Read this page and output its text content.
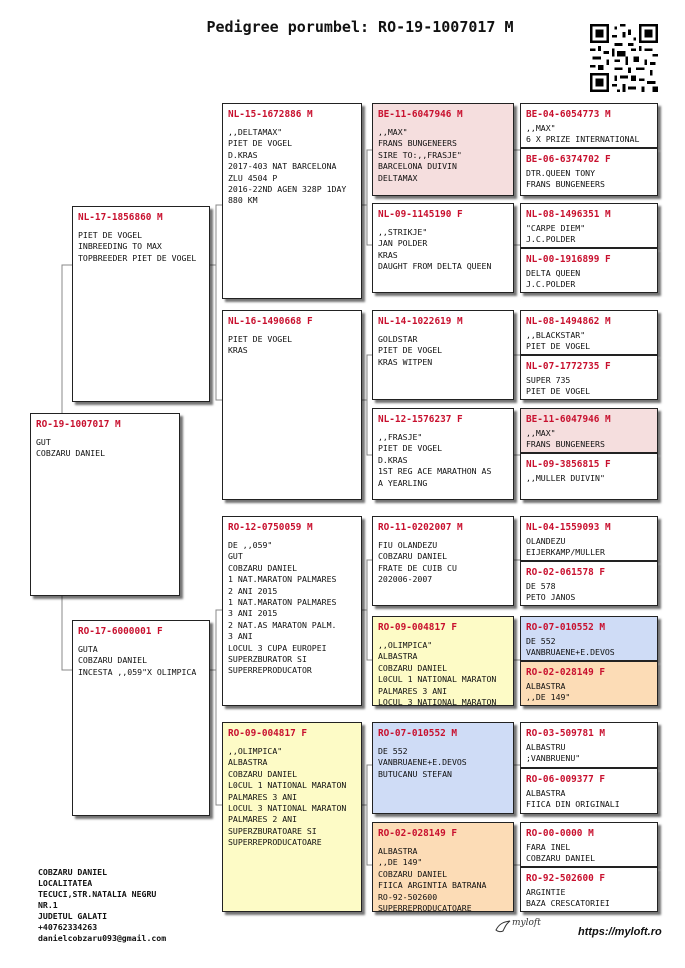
Pedigree porumbel: RO-19-1007017 M
RO-19-1007017 M
GUT
COBZARU DANIEL
NL-17-1856860 M
PIET DE VOGEL
INBREEDING TO MAX
TOPBREEDER PIET DE VOGEL
RO-17-6000001 F
GUTA
COBZARU DANIEL
INCESTA ,,059"X OLIMPICA
NL-15-1672886 M
,,DELTAMAX"
PIET DE VOGEL
D.KRAS
2017-403 NAT BARCELONA
ZLU 4504 P
2016-22ND AGEN 328P 1DAY
880 KM
NL-16-1490668 F
PIET DE VOGEL
KRAS
RO-12-0750059 M
DE ,,059"
GUT
COBZARU DANIEL
1 NAT.MARATON PALMARES
2 ANI 2015
1 NAT.MARATON PALMARES
3 ANI 2015
2 NAT.AS MARATON PALM.
3 ANI
LOCUL 3 CUPA EUROPEI
SUPERZBURATOR SI
SUPERREPRODUCATOR
RO-09-004817 F
,,OLIMPICA"
ALBASTRA
COBZARU DANIEL
L0CUL 1 NATIONAL MARATON
PALMARES 3 ANI
LOCUL 3 NATIONAL MARATON
PALMARES 2 ANI
SUPERZBURATOARE SI
SUPERREPRODUCATOARE
BE-11-6047946 M
,,MAX"
FRANS BUNGENEERS
SIRE TO:,,FRASJE"
BARCELONA DUIVIN
DELTAMAX
NL-09-1145190 F
,,STRIKJE"
JAN POLDER
KRAS
DAUGHT FROM DELTA QUEEN
NL-14-1022619 M
GOLDSTAR
PIET DE VOGEL
KRAS WITPEN
NL-12-1576237 F
,,FRASJE"
PIET DE VOGEL
D.KRAS
1ST REG ACE MARATHON AS
A YEARLING
RO-11-0202007 M
FIU OLANDEZU
COBZARU DANIEL
FRATE DE CUIB CU
202006-2007
RO-09-004817 F
,,OLIMPICA"
ALBASTRA
COBZARU DANIEL
L0CUL 1 NATIONAL MARATON
PALMARES 3 ANI
LOCUL 3 NATIONAL MARATON
RO-07-010552 M
DE 552
VANBRUAENE+E.DEVOS
BUTUCANU STEFAN
RO-02-028149 F
ALBASTRA
,,DE 149"
COBZARU DANIEL
FIICA ARGINTIA BATRANA
RO-92-502600
SUPERREPRODUCATOARE
BE-04-6054773 M
,,MAX"
6 X PRIZE INTERNATIONAL
BE-06-6374702 F
DTR.QUEEN TONY
FRANS BUNGENEERS
NL-08-1496351 M
"CARPE DIEM"
J.C.POLDER
NL-00-1916899 F
DELTA QUEEN
J.C.POLDER
NL-08-1494862 M
,,BLACKSTAR"
PIET DE VOGEL
NL-07-1772735 F
SUPER 735
PIET DE VOGEL
BE-11-6047946 M
,,MAX"
FRANS BUNGENEERS
NL-09-3856815 F
,,MULLER DUIVIN"
NL-04-1559093 M
OLANDEZU
EIJERKAMP/MULLER
RO-02-061578 F
DE 578
PETO JANOS
RO-07-010552 M
DE 552
VANBRUAENE+E.DEVOS
RO-02-028149 F
ALBASTRA
,,DE 149"
RO-03-509781 M
ALBASTRU
;VANBRUENU"
RO-06-009377 F
ALBASTRA
FIICA DIN ORIGINALI
RO-00-0000 M
FARA INEL
COBZARU DANIEL
RO-92-502600 F
ARGINTIE
BAZA CRESCATORIEI
COBZARU DANIEL
LOCALITATEA
TECUCI,STR.NATALIA NEGRU
NR.1
JUDETUL GALATI
+40762334263
danielcobzaru093@gmail.com
myloft
https://myloft.ro
